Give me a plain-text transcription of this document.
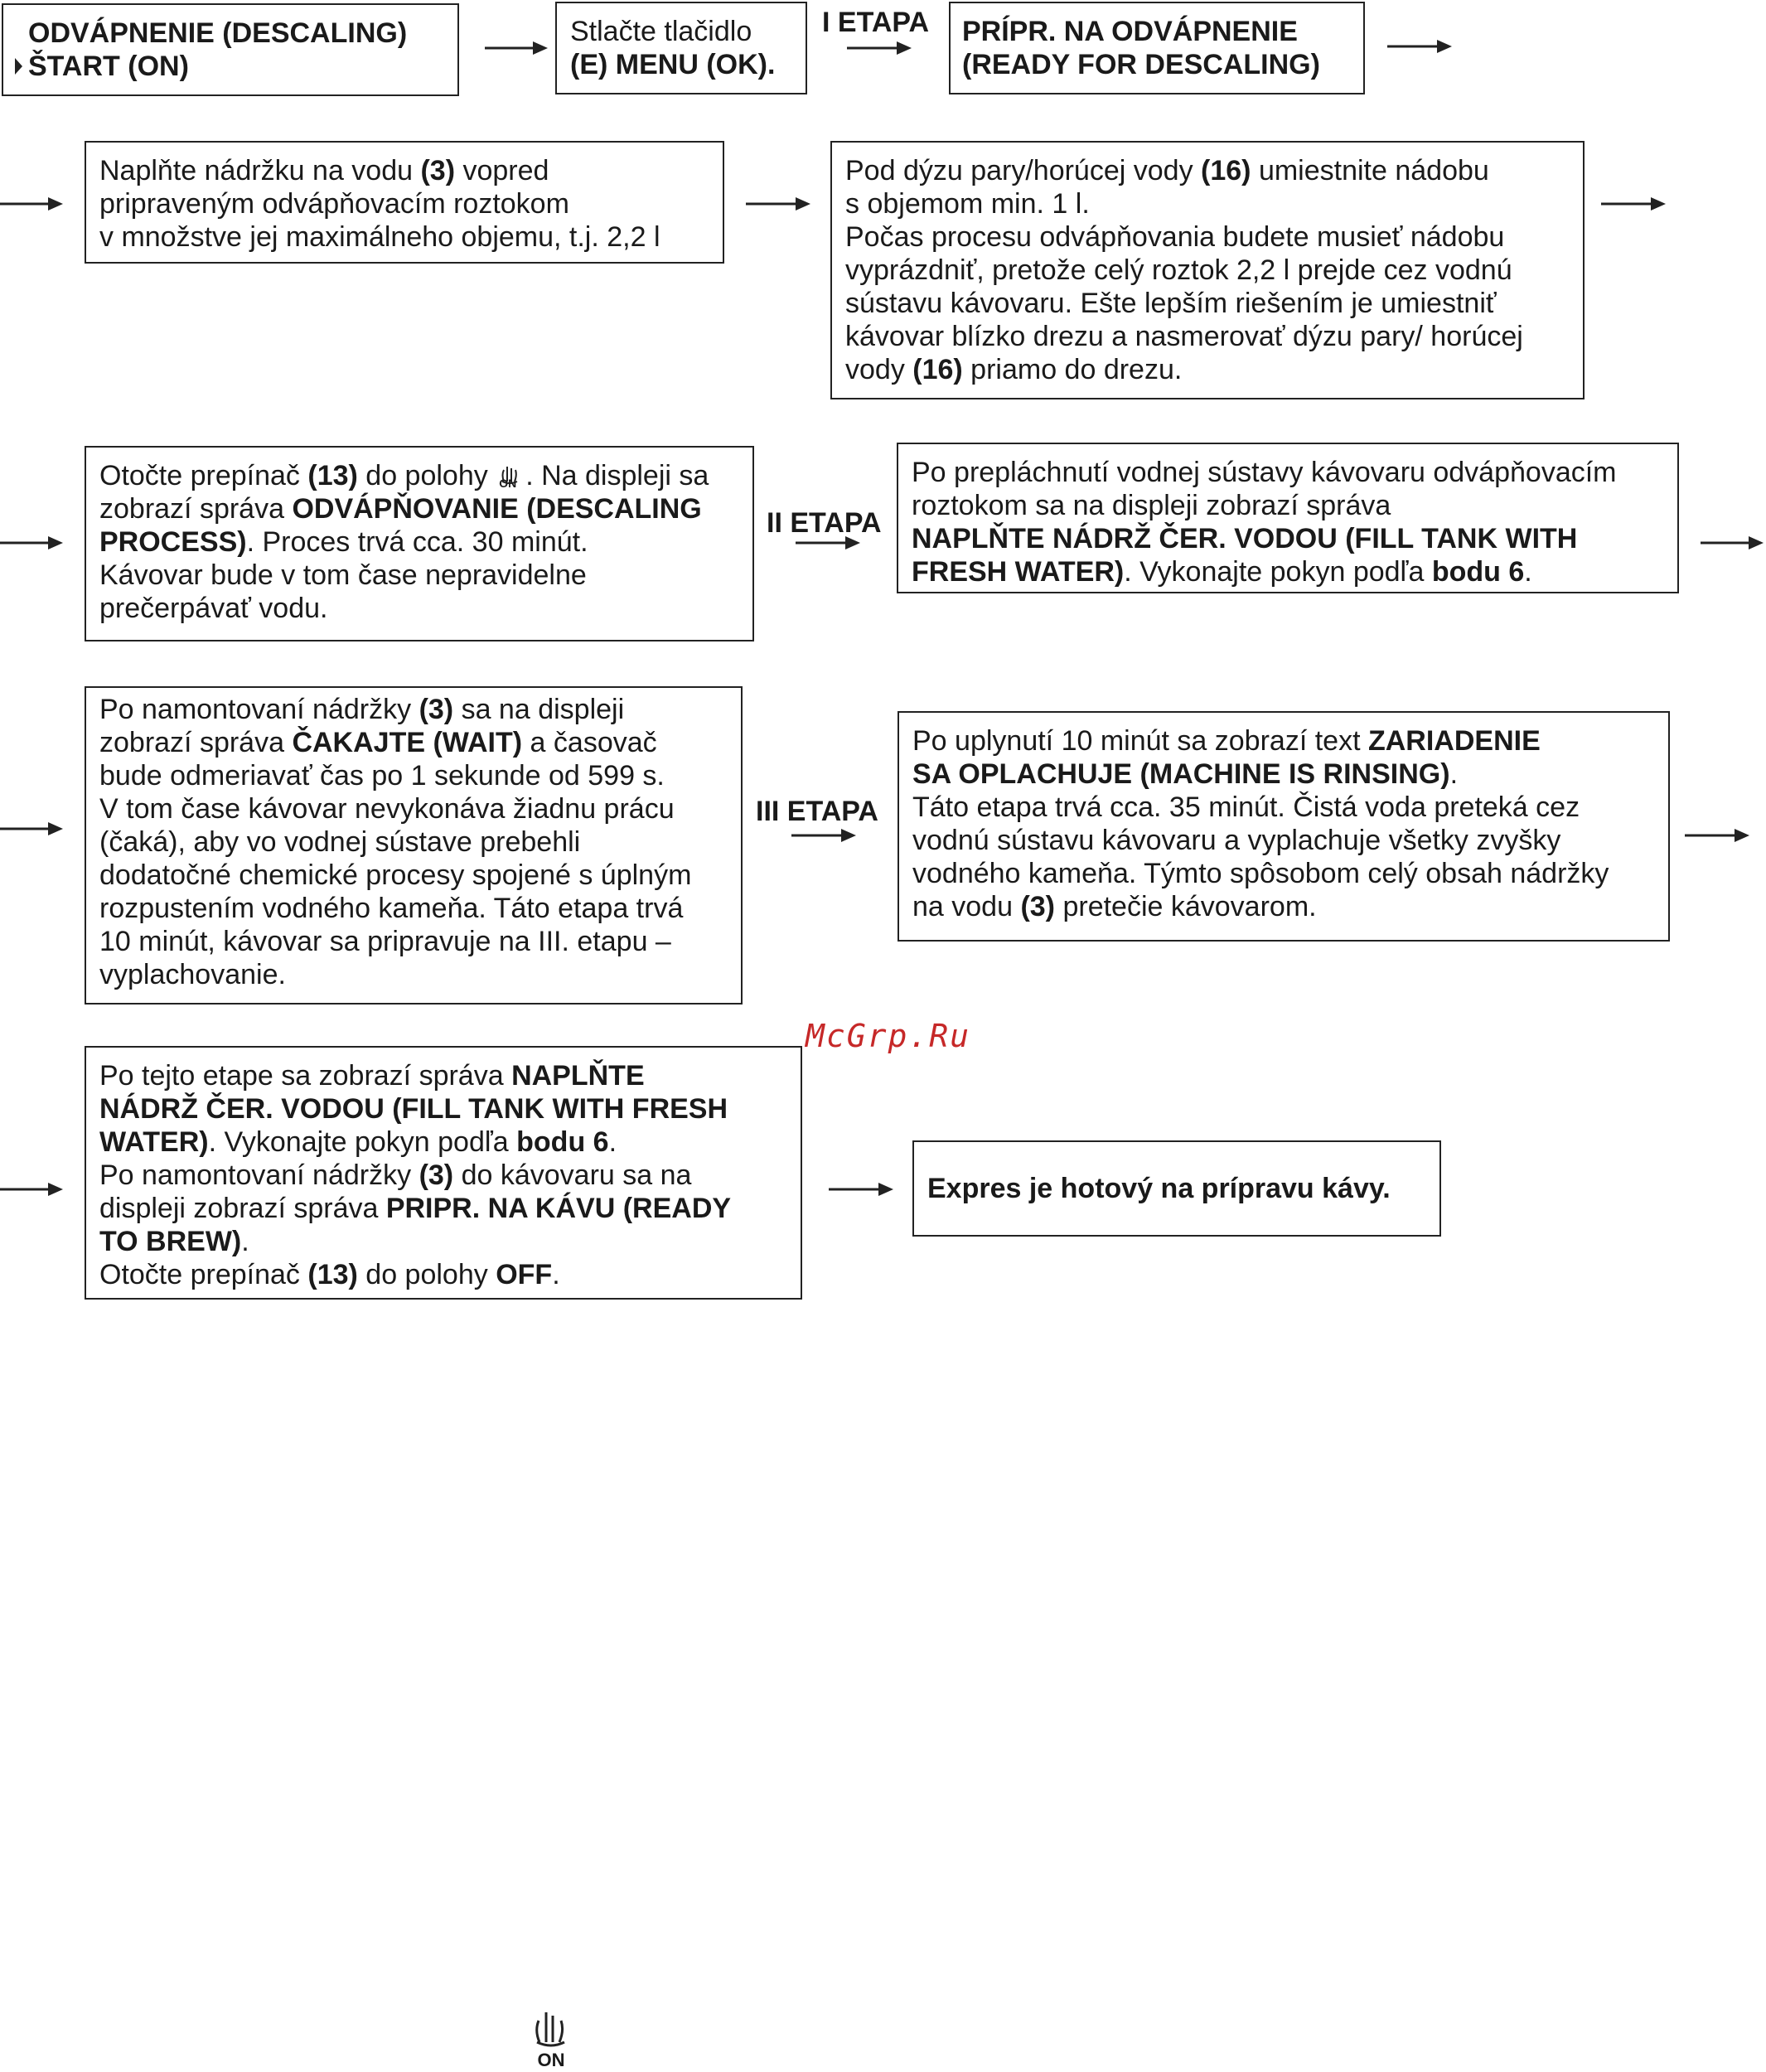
ODVÁPNENIE (DESCALING)
ŠTART (ON)
Stlačte tlačidlo
(E) MENU (OK).
I ETAPA PRÍPR. NA ODVÁPNENIE
(READY FOR DESCALING)
Naplňte nádržku na vodu (3) vopred
pripraveným odvápňovacím roztokom
v množstve jej maximálneho objemu, t.j. 2,2 l
Pod dýzu pary/horúcej vody (16) umiestnite nádobu
s objemom min. 1 l.
Počas procesu odvápňovania budete musieť nádobu
vyprázdniť, pretože celý roztok 2,2 l prejde cez vodnú
sústavu kávovaru. Ešte lepším riešením je umiestniť
kávovar blízko drezu a nasmerovať dýzu pary/ horúcej
vody (16) priamo do drezu.
Otočte prepínač (13) do polohy ON . Na displeji sa
zobrazí správa ODVÁPŇOVANIE (DESCALING
PROCESS). Proces trvá cca. 30 minút.
Kávovar bude v tom čase nepravidelne
prečerpávať vodu.
II ETAPA
Po prepláchnutí vodnej sústavy kávovaru odvápňovacím
roztokom sa na displeji zobrazí správa
NAPLŇTE NÁDRŽ ČER. VODOU (FILL TANK WITH
FRESH WATER). Vykonajte pokyn podľa bodu 6.
Po namontovaní nádržky (3) sa na displeji
zobrazí správa ČAKAJTE (WAIT) a časovač
bude odmeriavať čas po 1 sekunde od 599 s.
V tom čase kávovar nevykonáva žiadnu prácu
(čaká), aby vo vodnej sústave prebehli
dodatočné chemické procesy spojené s úplným
rozpustením vodného kameňa. Táto etapa trvá
10 minút, kávovar sa pripravuje na III. etapu –
vyplachovanie.
III ETAPA
Po uplynutí 10 minút sa zobrazí text ZARIADENIE
SA OPLACHUJE (MACHINE IS RINSING).
Táto etapa trvá cca. 35 minút. Čistá voda preteká cez
vodnú sústavu kávovaru a vyplachuje všetky zvyšky
vodného kameňa. Týmto spôsobom celý obsah nádržky
na vodu (3) pretečie kávovarom.
McGrp.Ru
Po tejto etape sa zobrazí správa NAPLŇTE
NÁDRŽ ČER. VODOU (FILL TANK WITH FRESH
WATER). Vykonajte pokyn podľa bodu 6.
Po namontovaní nádržky (3) do kávovaru sa na
displeji zobrazí správa PRIPR. NA KÁVU (READY
TO BREW).
Otočte prepínač (13) do polohy OFF.
Expres je hotový na prípravu kávy.
ON
